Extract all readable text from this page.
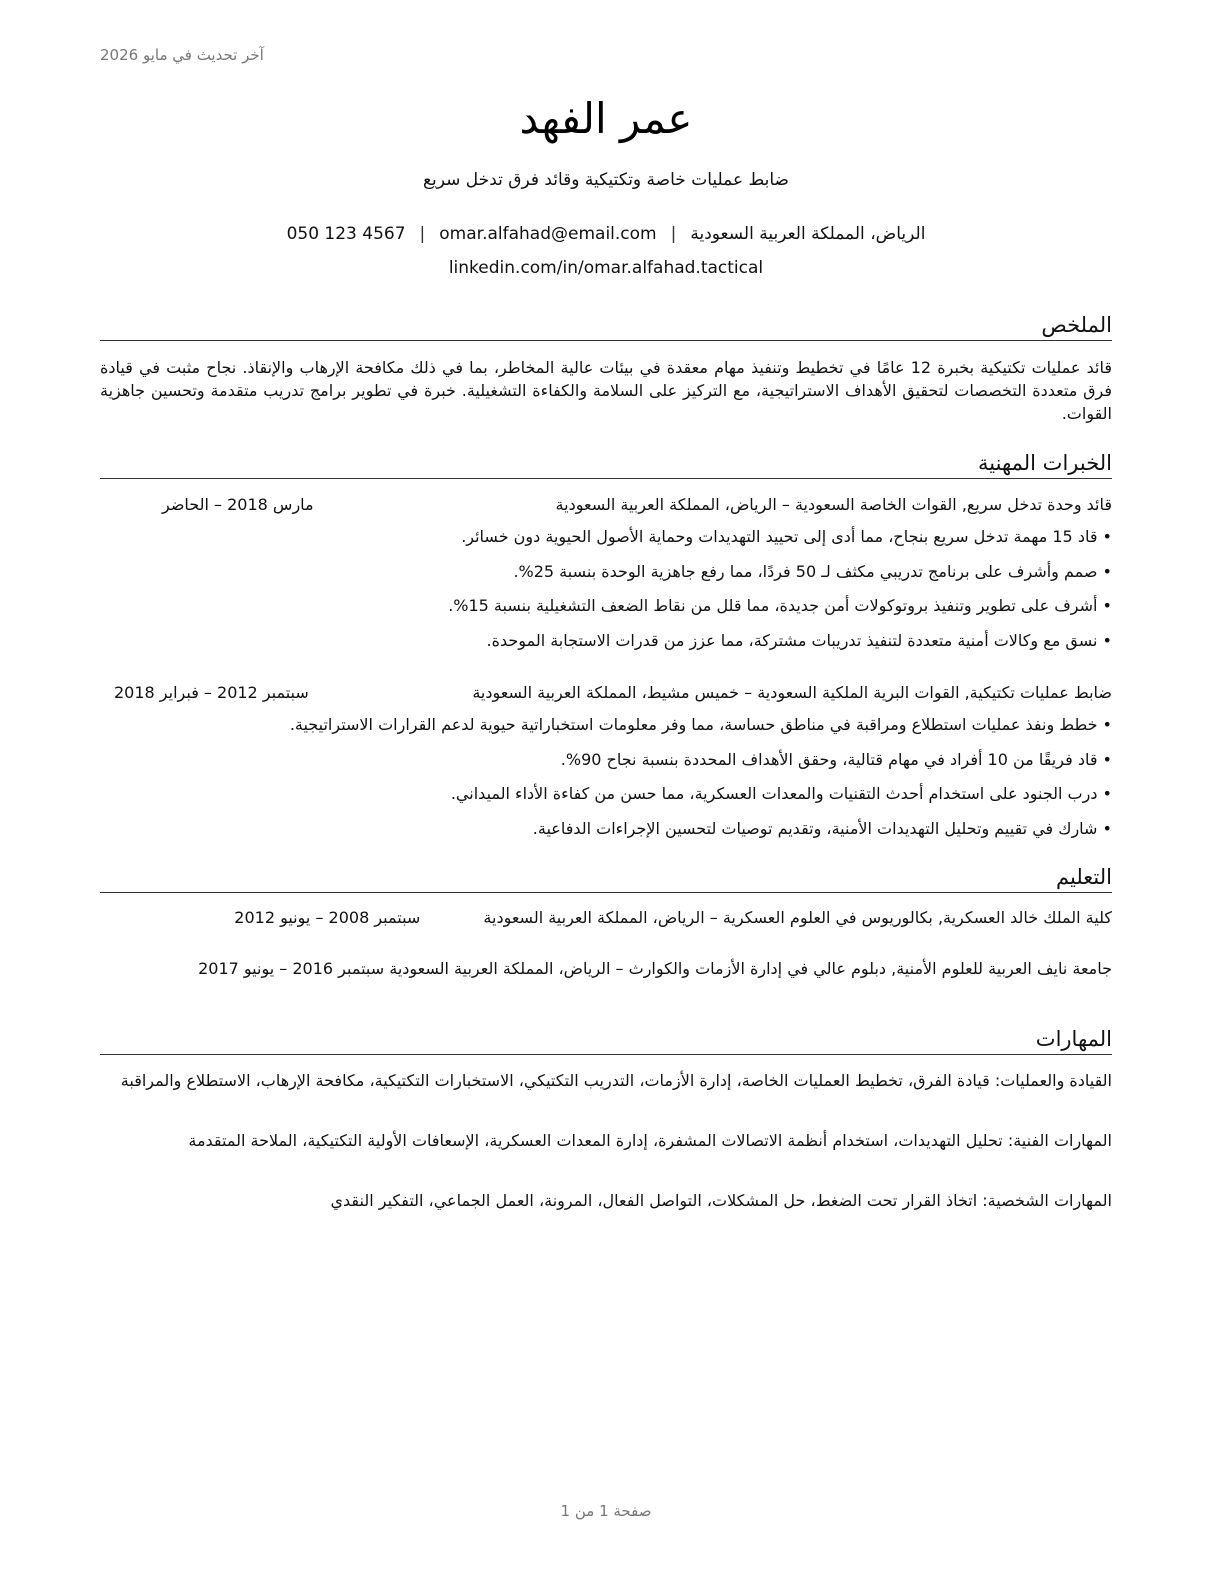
آخر تحديث في مايو 2026
عمر الفهد
ضابط عمليات خاصة وتكتيكية وقائد فرق تدخل سريع
الرياض، المملكة العربية السعودية|omar.alfahad@email.com|050 123 4567
linkedin.com/in/omar.alfahad.tactical
الملخص

قائد عمليات تكتيكية بخبرة 12 عامًا في تخطيط وتنفيذ مهام معقدة في بيئات عالية المخاطر، بما في ذلك مكافحة الإرهاب والإنقاذ. نجاح مثبت في قيادة فرق متعددة التخصصات لتحقيق الأهداف الاستراتيجية، مع التركيز على السلامة والكفاءة التشغيلية. خبرة في تطوير برامج تدريب متقدمة وتحسين جاهزية القوات.

الخبرات المهنية
قائد وحدة تدخل سريع, القوات الخاصة السعودية – الرياض، المملكة العربية السعودية
مارس 2018 – الحاضر
• قاد 15 مهمة تدخل سريع بنجاح، مما أدى إلى تحييد التهديدات وحماية الأصول الحيوية دون خسائر.
• صمم وأشرف على برنامج تدريبي مكثف لـ 50 فردًا، مما رفع جاهزية الوحدة بنسبة 25%.
• أشرف على تطوير وتنفيذ بروتوكولات أمن جديدة، مما قلل من نقاط الضعف التشغيلية بنسبة 15%.
• نسق مع وكالات أمنية متعددة لتنفيذ تدريبات مشتركة، مما عزز من قدرات الاستجابة الموحدة.
ضابط عمليات تكتيكية, القوات البرية الملكية السعودية – خميس مشيط، المملكة العربية السعودية
سبتمبر 2012 – فبراير 2018
• خطط ونفذ عمليات استطلاع ومراقبة في مناطق حساسة، مما وفر معلومات استخباراتية حيوية لدعم القرارات الاستراتيجية.
• قاد فريقًا من 10 أفراد في مهام قتالية، وحقق الأهداف المحددة بنسبة نجاح 90%.
• درب الجنود على استخدام أحدث التقنيات والمعدات العسكرية، مما حسن من كفاءة الأداء الميداني.
• شارك في تقييم وتحليل التهديدات الأمنية، وتقديم توصيات لتحسين الإجراءات الدفاعية.
التعليم
كلية الملك خالد العسكرية, بكالوريوس في العلوم العسكرية – الرياض، المملكة العربية السعودية سبتمبر 2008 – يونيو 2012
جامعة نايف العربية للعلوم الأمنية, دبلوم عالي في إدارة الأزمات والكوارث – الرياض، المملكة العربية السعودية سبتمبر 2016 – يونيو 2017
المهارات
القيادة والعمليات: قيادة الفرق، تخطيط العمليات الخاصة، إدارة الأزمات، التدريب التكتيكي، الاستخبارات التكتيكية، مكافحة الإرهاب، الاستطلاع والمراقبة
المهارات الفنية: تحليل التهديدات، استخدام أنظمة الاتصالات المشفرة، إدارة المعدات العسكرية، الإسعافات الأولية التكتيكية، الملاحة المتقدمة
المهارات الشخصية: اتخاذ القرار تحت الضغط، حل المشكلات، التواصل الفعال، المرونة، العمل الجماعي، التفكير النقدي
صفحة 1 من 1
